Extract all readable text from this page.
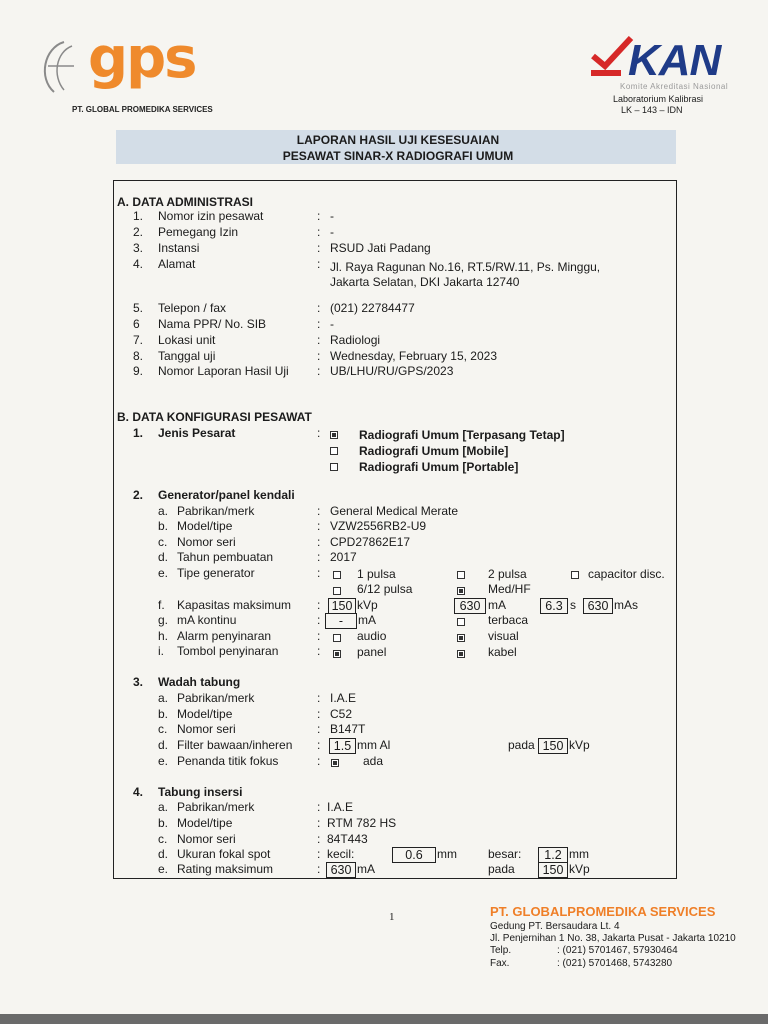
gps
PT. GLOBAL PROMEDIKA SERVICES
KAN
Komite Akreditasi Nasional
Laboratorium Kalibrasi
LK – 143 – IDN
LAPORAN HASIL UJI KESESUAIAN
PESAWAT SINAR-X RADIOGRAFI UMUM
A. DATA ADMINISTRASI
1. Nomor izin pesawat	: -
2. Pemegang Izin	: -
3. Instansi	: RSUD Jati Padang
4. Alamat	: Jl. Raya Ragunan No.16, RT.5/RW.11, Ps. Minggu,
Jakarta Selatan, DKI Jakarta 12740
5. Telepon / fax	: (021) 22784477
6 Nama PPR/ No. SIB	: -
7. Lokasi unit	: Radiologi
8. Tanggal uji	: Wednesday, February 15, 2023
9. Nomor Laporan Hasil Uji : UB/LHU/RU/GPS/2023
B. DATA KONFIGURASI PESAWAT
1. Jenis Pesarat	:	Radiografi Umum [Terpasang Tetap]
Radiografi Umum [Mobile]
Radiografi Umum [Portable]
2. Generator/panel kendali
a. Pabrikan/merk	: General Medical Merate
b. Model/tipe	: VZW2556RB2-U9
c. Nomor seri	: CPD27862E17
d. Tahun pembuatan	: 2017
e. Tipe generator	:	1 pulsa	2 pulsa	capacitor disc.
6/12 pulsa	Med/HF
f. Kapasitas maksimum : 150 kVp	630 mA	6.3 s 630 mAs
g. mA kontinu	:	-	mA	terbaca
h. Alarm penyinaran	:	audio	visual
i. Tombol penyinaran	:	panel	kabel
3. Wadah tabung
a. Pabrikan/merk	: I.A.E
b. Model/tipe	: C52
c. Nomor seri	: B147T
d. Filter bawaan/inheren :	1.5 mm Al	pada 150 kVp
e. Penanda titik fokus	:	ada
4. Tabung insersi
a. Pabrikan/merk	: I.A.E
b. Model/tipe	: RTM 782 HS
c. Nomor seri	: 84T443
d. Ukuran fokal spot	: kecil:	0.6	mm	besar:	1.2 mm
e. Rating maksimum	: 630 mA	pada	150 kVp
1	PT. GLOBALPROMEDIKA SERVICES
Gedung PT. Bersaudara Lt. 4
Jl. Penjernihan 1 No. 38, Jakarta Pusat - Jakarta 10210
Telp.	: (021) 5701467, 57930464
Fax.	: (021) 5701468, 5743280
